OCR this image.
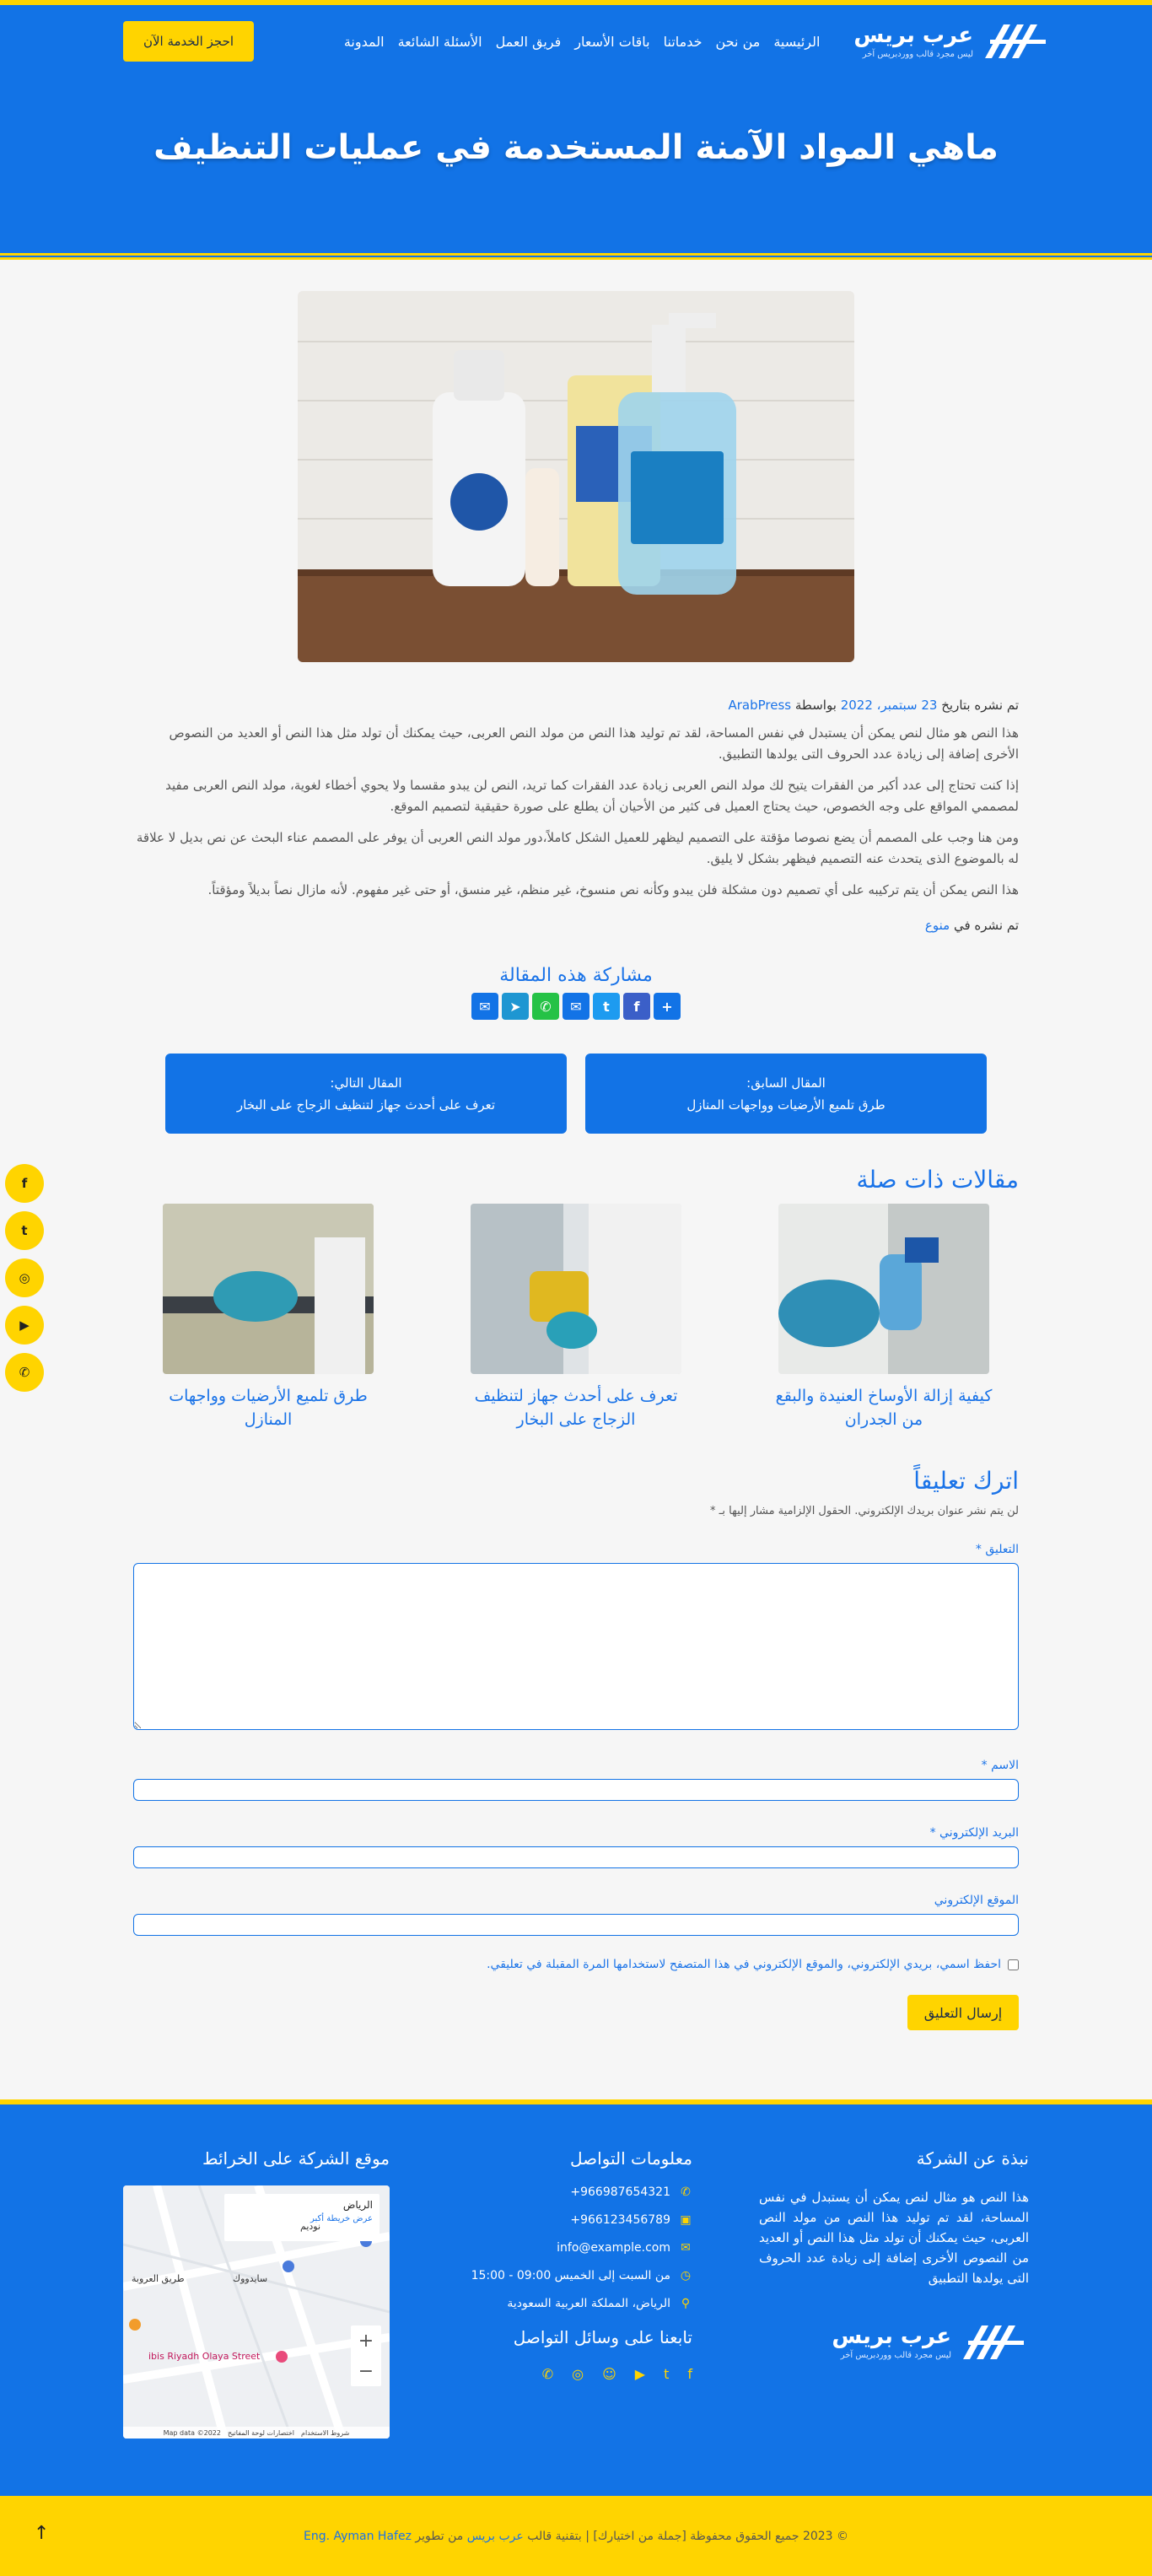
عرب بريس
ليس مجرد قالب ووردبريس آخر
الرئيسية
من نحن
خدماتنا
باقات الأسعار
فريق العمل
الأسئلة الشائعة
المدونة
احجز الخدمة الآن
ماهي المواد الآمنة المستخدمة في عمليات التنظيف
f
t
◎
▶
✆
تم نشره بتاريخ 23 سبتمبر، 2022 بواسطة ArabPress

هذا النص هو مثال لنص يمكن أن يستبدل في نفس المساحة، لقد تم توليد هذا النص من مولد النص العربى، حيث يمكنك أن تولد مثل هذا النص أو العديد من النصوص الأخرى إضافة إلى زيادة عدد الحروف التى يولدها التطبيق.

إذا كنت تحتاج إلى عدد أكبر من الفقرات يتيح لك مولد النص العربى زيادة عدد الفقرات كما تريد، النص لن يبدو مقسما ولا يحوي أخطاء لغوية، مولد النص العربى مفيد لمصممي المواقع على وجه الخصوص، حيث يحتاج العميل فى كثير من الأحيان أن يطلع على صورة حقيقية لتصميم الموقع.

ومن هنا وجب على المصمم أن يضع نصوصا مؤقتة على التصميم ليظهر للعميل الشكل كاملاً،دور مولد النص العربى أن يوفر على المصمم عناء البحث عن نص بديل لا علاقة له بالموضوع الذى يتحدث عنه التصميم فيظهر بشكل لا يليق.

هذا النص يمكن أن يتم تركيبه على أي تصميم دون مشكلة فلن يبدو وكأنه نص منسوخ، غير منظم، غير منسق، أو حتى غير مفهوم. لأنه مازال نصاً بديلاً ومؤقتاً.

تم نشره في منوع
مشاركة هذه المقالة
✉	➤	✆	✉	t	f	+
المقال السابق:
طرق تلميع الأرضيات وواجهات المنازل
المقال التالي:
تعرف على أحدث جهاز لتنظيف الزجاج على البخار
مقالات ذات صلة
كيفية إزالة الأوساخ العنيدة والبقع من الجدران
تعرف على أحدث جهاز لتنظيف الزجاج على البخار
طرق تلميع الأرضيات وواجهات المنازل
اترك تعليقاً
لن يتم نشر عنوان بريدك الإلكتروني. الحقول الإلزامية مشار إليها بـ *
التعليق *
الاسم *
البريد الإلكتروني *
الموقع الإلكتروني
احفظ اسمي، بريدي الإلكتروني، والموقع الإلكتروني في هذا المتصفح لاستخدامها المرة المقبلة في تعليقي.
إرسال التعليق
نبذة عن الشركة

هذا النص هو مثال لنص يمكن أن يستبدل في نفس المساحة، لقد تم توليد هذا النص من مولد النص العربى، حيث يمكنك أن تولد مثل هذا النص أو العديد من النصوص الأخرى إضافة إلى زيادة عدد الحروف التى يولدها التطبيق

عرب بريس
ليس مجرد قالب ووردبريس آخر
معلومات التواصل
✆
+966987654321
▣
+966123456789
✉
info@example.com
◷
من السبت إلى الخميس 09:00 - 15:00
⚲
الرياض، المملكة العربية السعودية
تابعنا على وسائل التواصل
f
t
▶
☺
◎
✆
موقع الشركة على الخرائط
الرياض
عرض خريطة أكبر
طريق العروبة
ibis Riyadh Olaya Street
سايدووك
نوديم
+
−
Map data ©2022 اختصارات لوحة المفاتيح شروط الاستخدام
↑	© 2023 جميع الحقوق محفوظة [جملة من اختيارك] | بتقنية قالب عرب بريس من تطوير Eng. Ayman Hafez
